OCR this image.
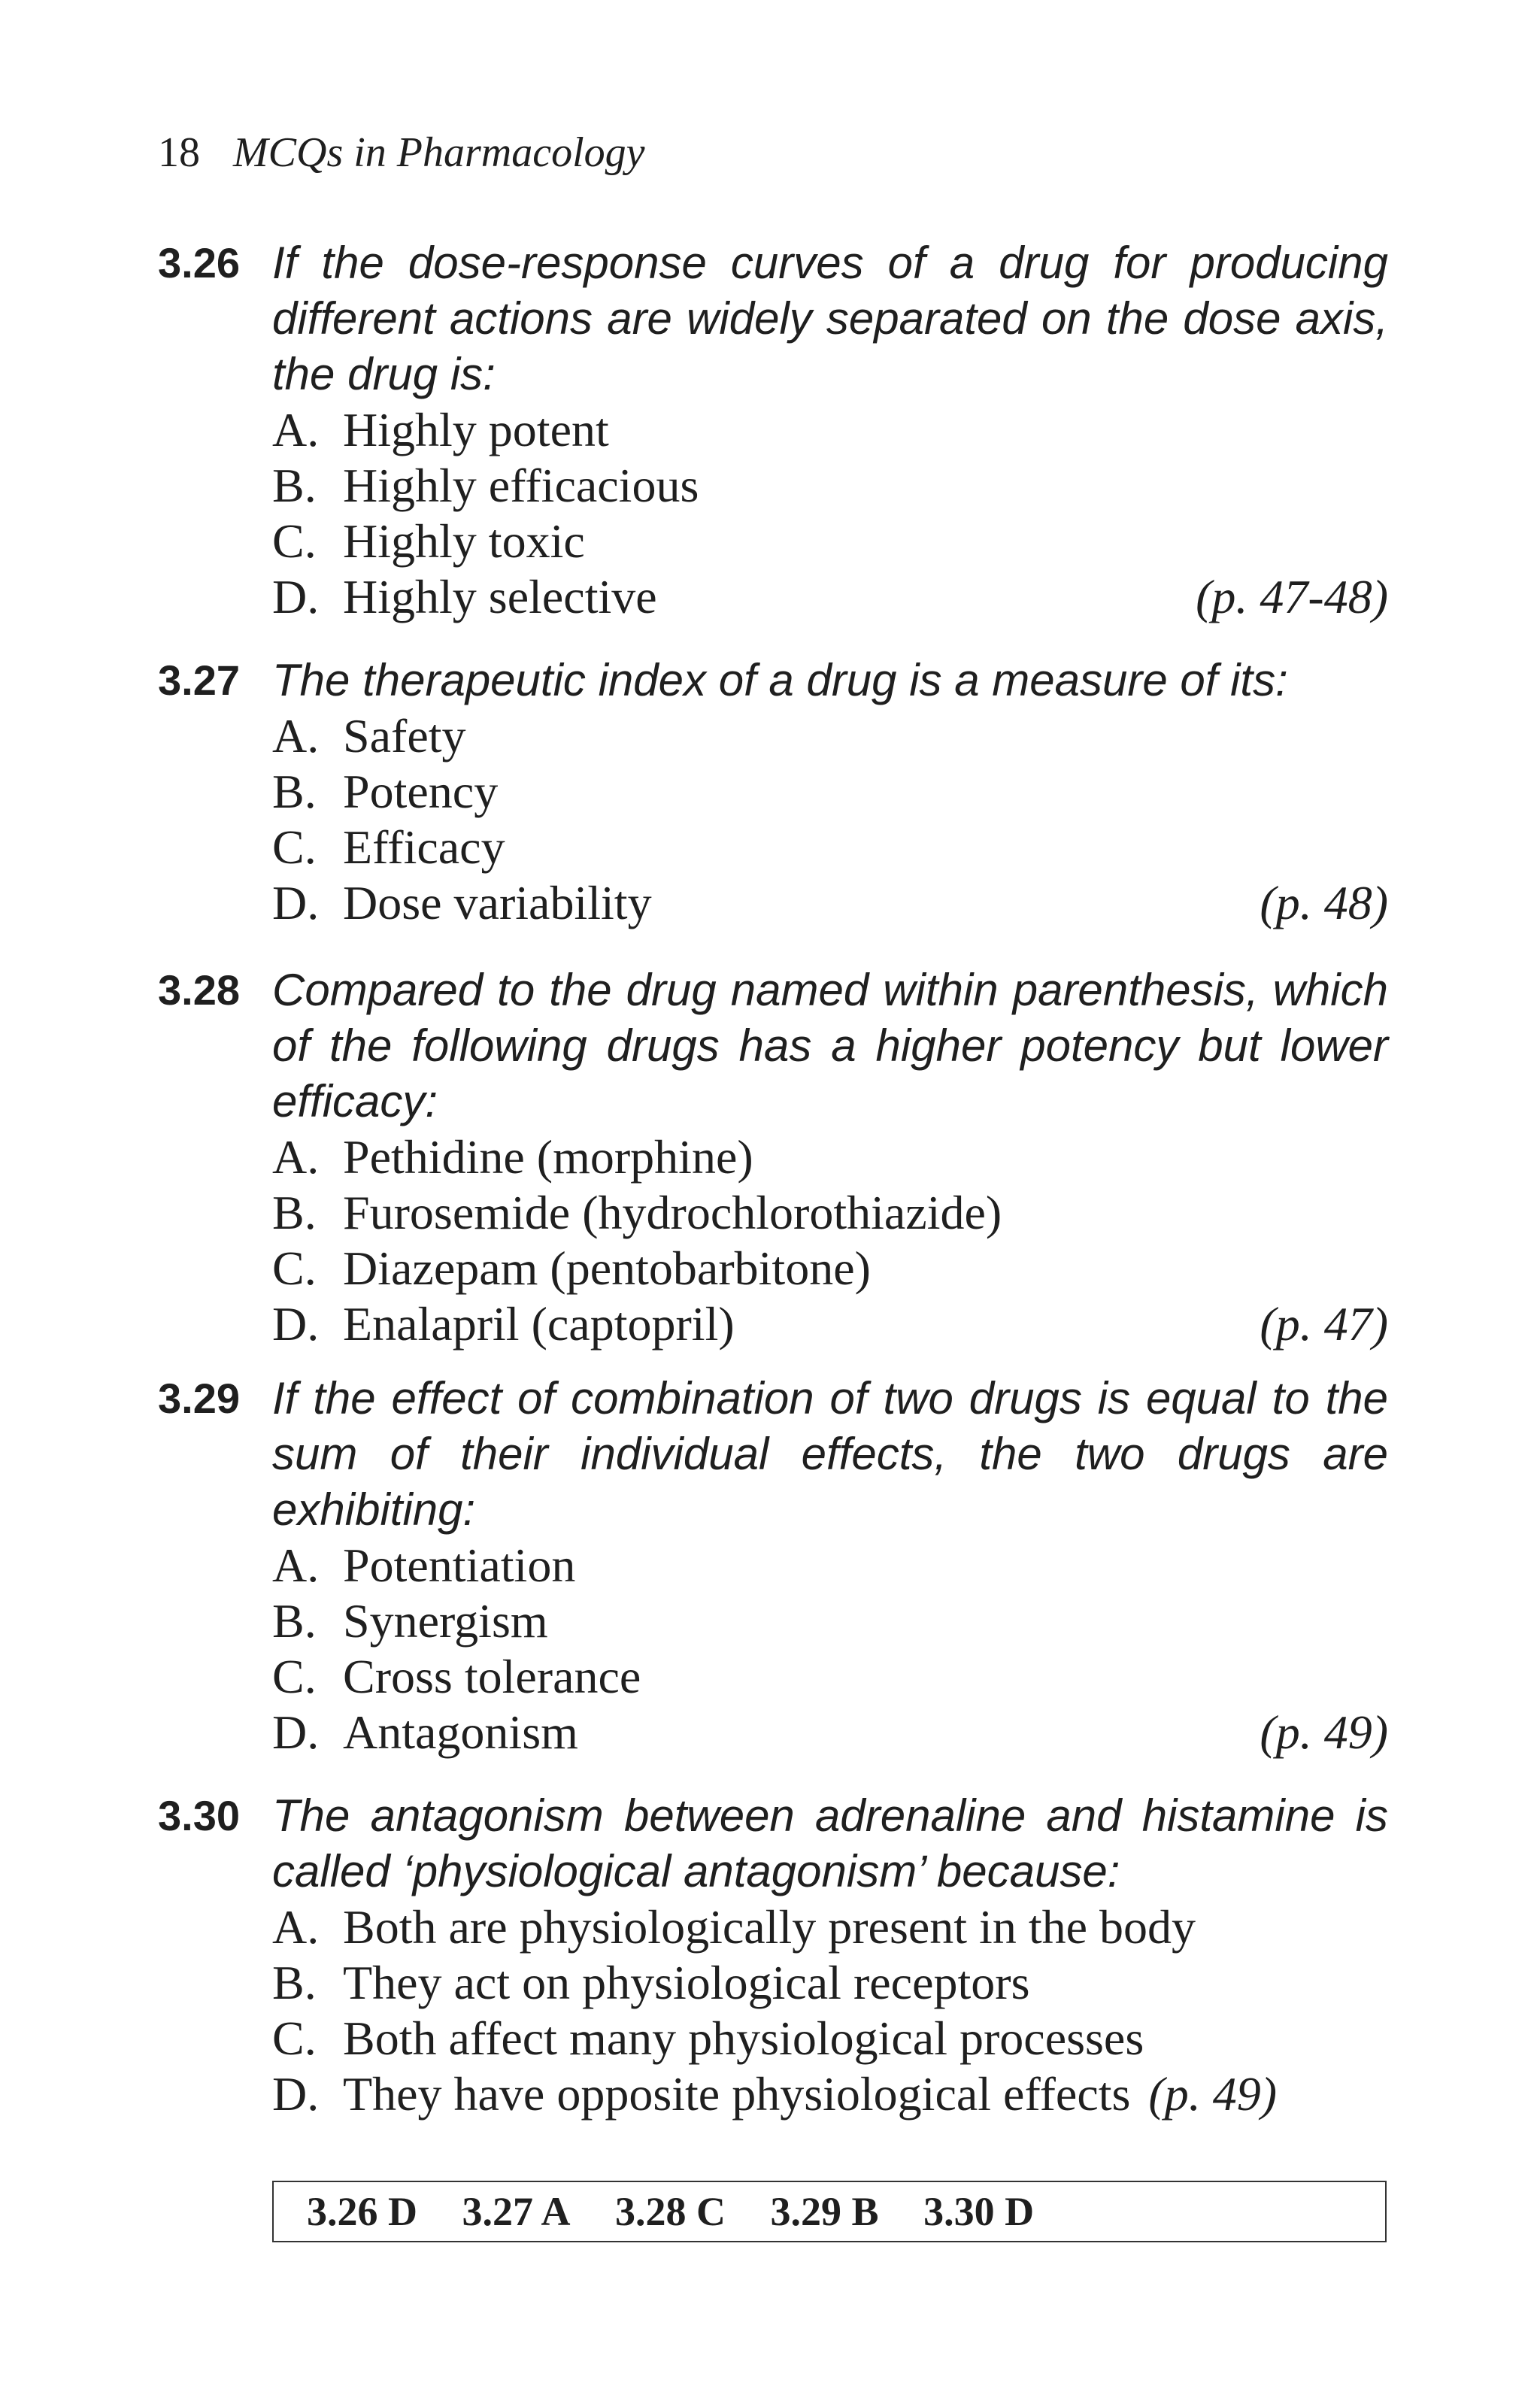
18 MCQs in Pharmacology
3.26 If the dose-response curves of a drug for producing different actions are widely separated on the dose axis, the drug is:
A. Highly potent
B. Highly efficacious
C. Highly toxic
D. Highly selective	(p. 47-48)
3.27 The therapeutic index of a drug is a measure of its:
A. Safety
B. Potency
C. Efficacy
D. Dose variability	(p. 48)
3.28 Compared to the drug named within parenthesis, which of the following drugs has a higher potency but lower efficacy:
A. Pethidine (morphine)
B. Furosemide (hydrochlorothiazide)
C. Diazepam (pentobarbitone)
D. Enalapril (captopril)	(p. 47)
3.29 If the effect of combination of two drugs is equal to the sum of their individual effects, the two drugs are exhibiting:
A. Potentiation
B. Synergism
C. Cross tolerance
D. Antagonism	(p. 49)
3.30 The antagonism between adrenaline and histamine is called ‘physiological antagonism’ because:
A. Both are physiologically present in the body
B. They act on physiological receptors
C. Both affect many physiological processes
D. They have opposite physiological effects (p. 49)
3.26 D 3.27 A 3.28 C 3.29 B 3.30 D
